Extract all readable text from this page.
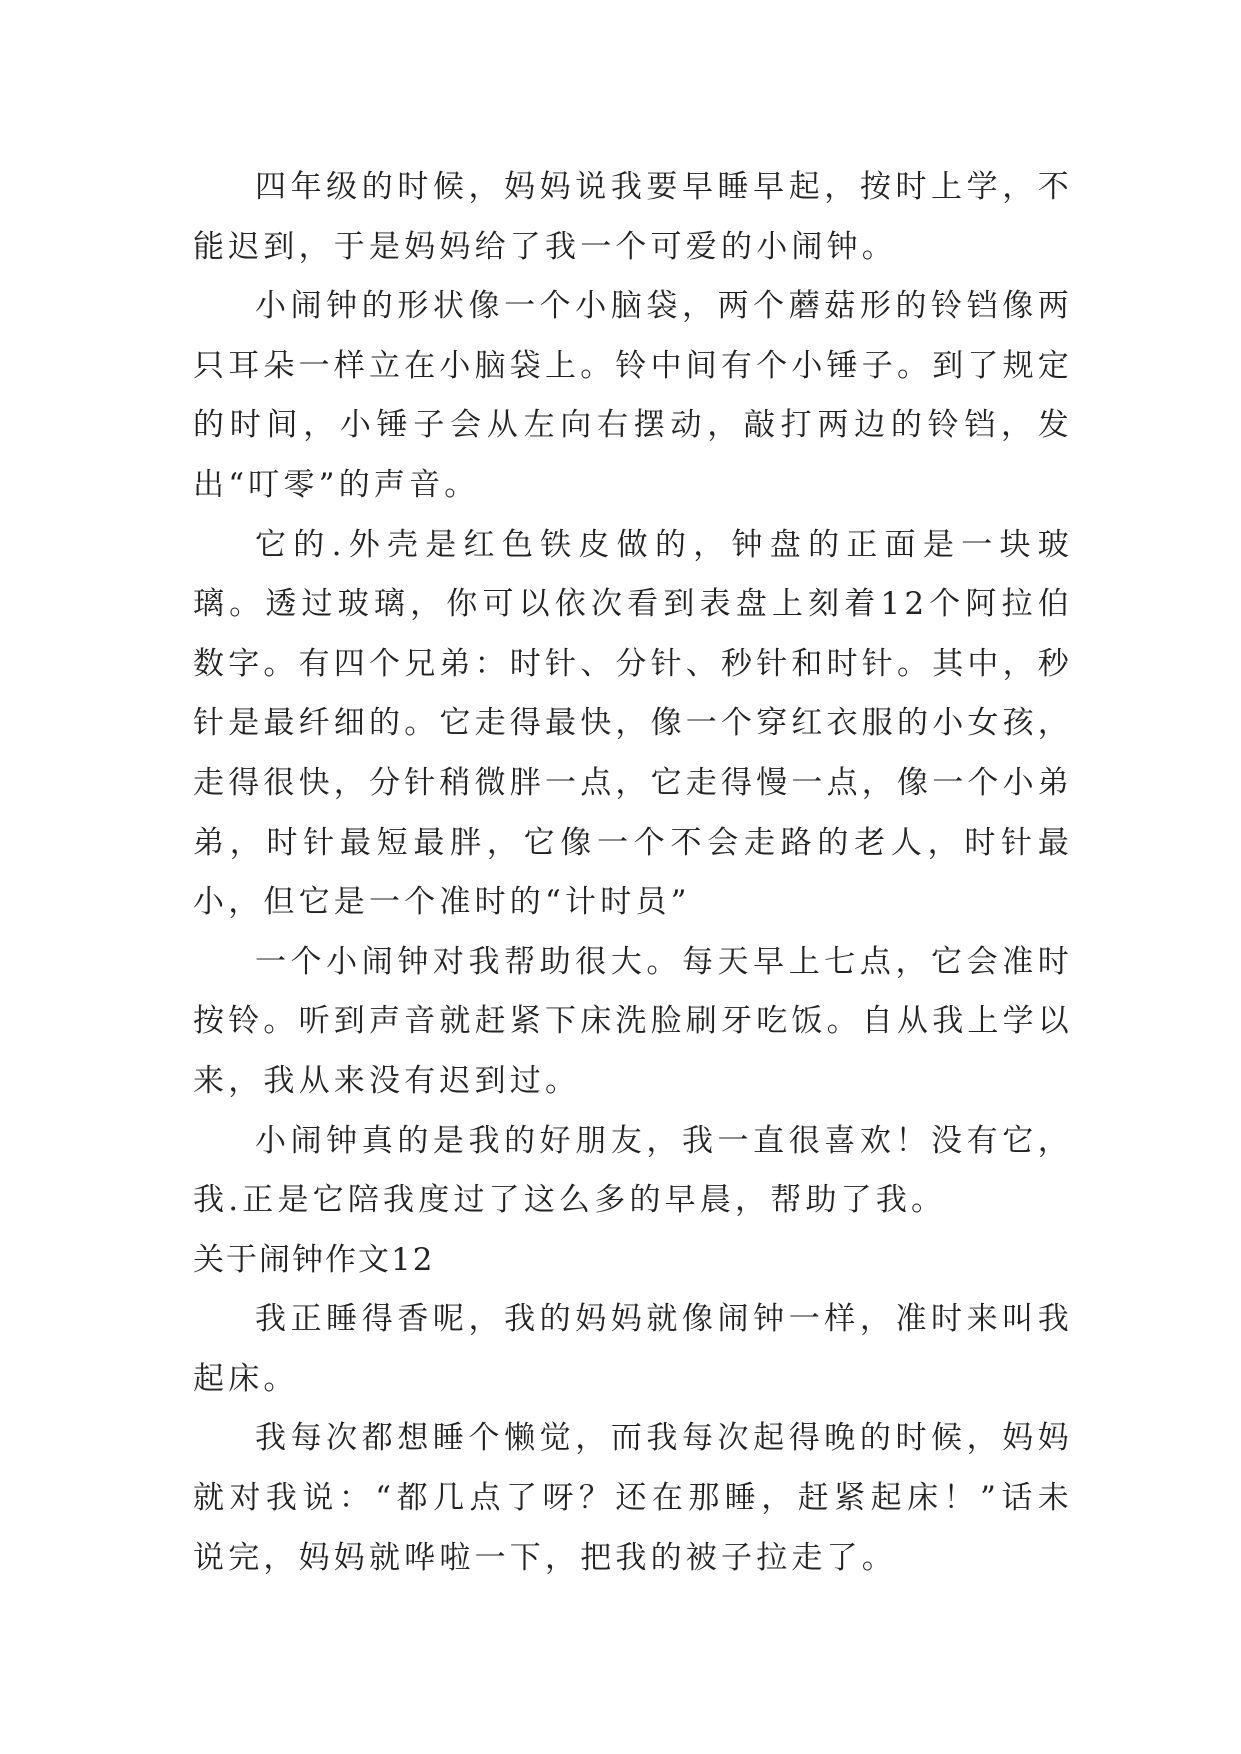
四年级的时候，妈妈说我要早睡早起，按时上学，不能迟到，于是妈妈给了我一个可爱的小闹钟。

小闹钟的形状像一个小脑袋，两个蘑菇形的铃铛像两只耳朵一样立在小脑袋上。铃中间有个小锤子。到了规定的时间，小锤子会从左向右摆动，敲打两边的铃铛，发出“叮零”的声音。

它的.外壳是红色铁皮做的，钟盘的正面是一块玻璃。透过玻璃，你可以依次看到表盘上刻着12个阿拉伯数字。有四个兄弟：时针、分针、秒针和时针。其中，秒针是最纤细的。它走得最快，像一个穿红衣服的小女孩，走得很快，分针稍微胖一点，它走得慢一点，像一个小弟弟，时针最短最胖，它像一个不会走路的老人，时针最小，但它是一个准时的“计时员”

一个小闹钟对我帮助很大。每天早上七点，它会准时按铃。听到声音就赶紧下床洗脸刷牙吃饭。自从我上学以来，我从来没有迟到过。

小闹钟真的是我的好朋友，我一直很喜欢！没有它，我.正是它陪我度过了这么多的早晨，帮助了我。

关于闹钟作文12

我正睡得香呢，我的妈妈就像闹钟一样，准时来叫我起床。

我每次都想睡个懒觉，而我每次起得晚的时候，妈妈就对我说：“都几点了呀？还在那睡，赶紧起床！”话未说完，妈妈就哗啦一下，把我的被子拉走了。
